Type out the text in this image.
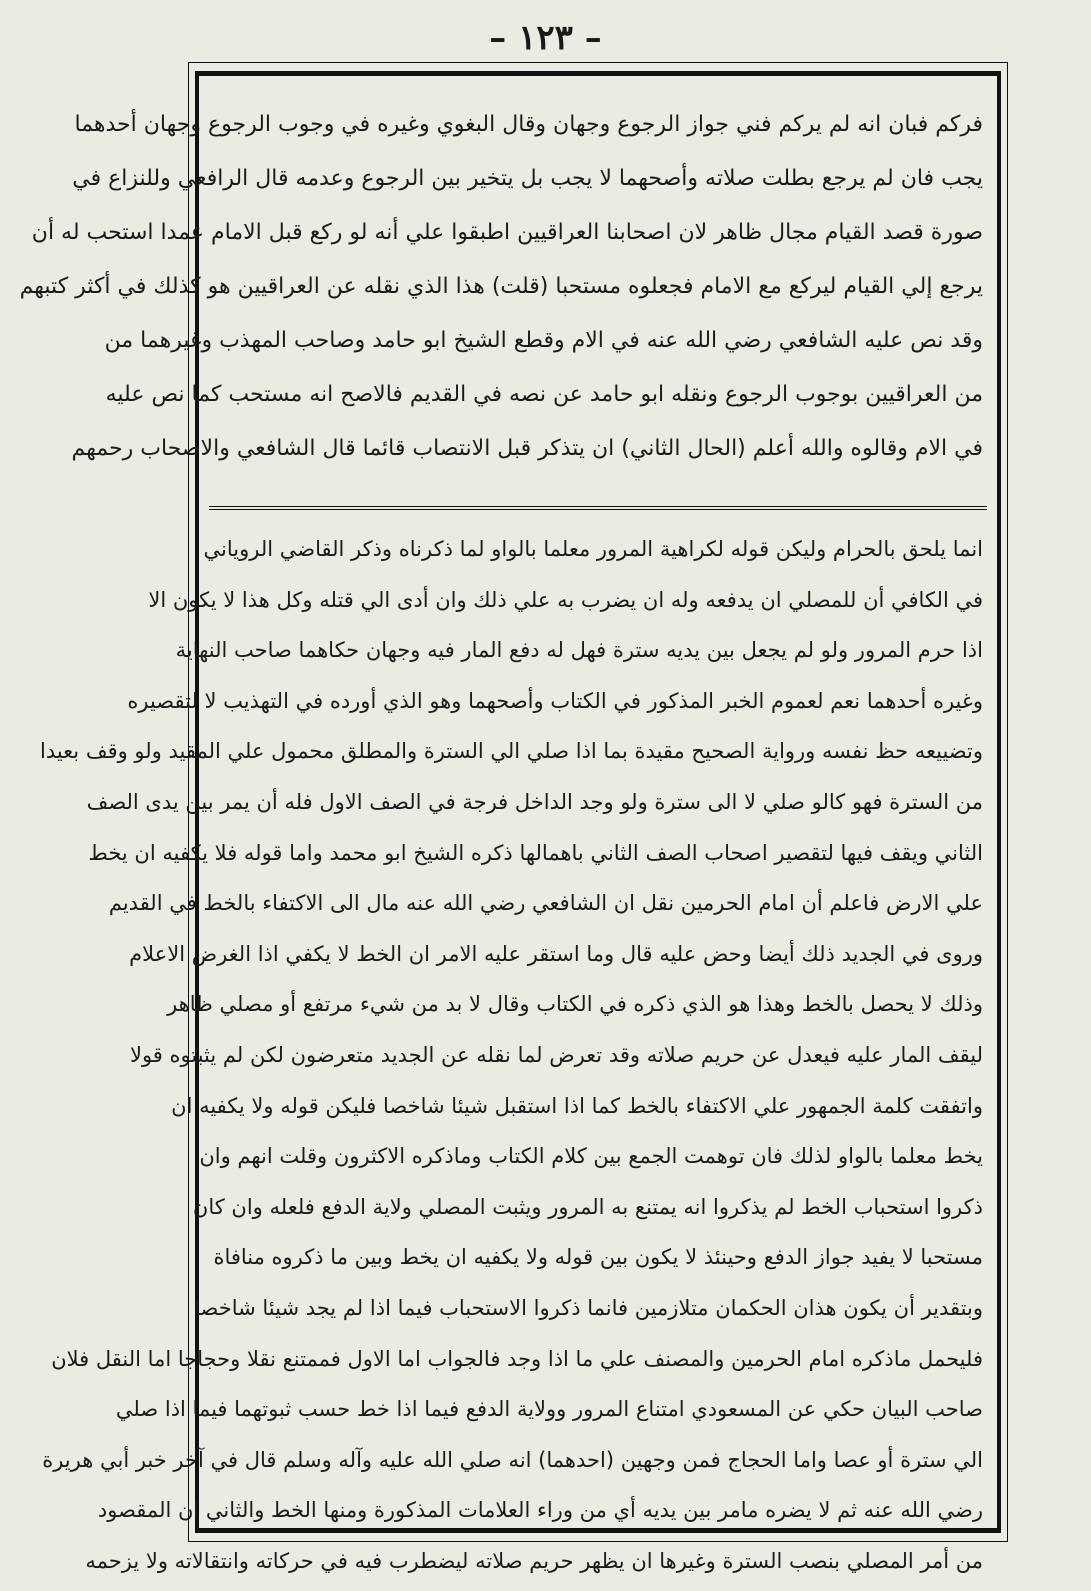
– ۱۲۳ –
فركم فبان انه لم يركم فني جواز الرجوع وجهان وقال البغوي وغيره في وجوب الرجوع وجهان أحدهما
يجب فان لم يرجع بطلت صلاته وأصحهما لا يجب بل يتخير بين الرجوع وعدمه قال الرافعي وللنزاع في
صورة قصد القيام مجال ظاهر لان اصحابنا العراقيين اطبقوا علي أنه لو ركع قبل الامام عمدا استحب له أن
يرجع إلي القيام ليركع مع الامام فجعلوه مستحبا (قلت) هذا الذي نقله عن العراقيين هو كذلك في أكثر كتبهم
وقد نص عليه الشافعي رضي الله عنه في الام وقطع الشيخ ابو حامد وصاحب المهذب وغيرهما من
من العراقيين بوجوب الرجوع ونقله ابو حامد عن نصه في القديم فالاصح انه مستحب كما نص عليه
في الام وقالوه والله أعلم (الحال الثاني) ان يتذكر قبل الانتصاب قائما قال الشافعي والاصحاب رحمهم
انما يلحق بالحرام وليكن قوله لكراهية المرور معلما بالواو لما ذكرناه وذكر القاضي الروياني
في الكافي أن للمصلي ان يدفعه وله ان يضرب به علي ذلك وان أدى الي قتله وكل هذا لا يكون الا
اذا حرم المرور ولو لم يجعل بين يديه سترة فهل له دفع المار فيه وجهان حكاهما صاحب النهاية
وغيره أحدهما نعم لعموم الخبر المذكور في الكتاب وأصحهما وهو الذي أورده في التهذيب لا لتقصيره
وتضييعه حظ نفسه ورواية الصحيح مقيدة بما اذا صلي الي السترة والمطلق محمول علي المقيد ولو وقف بعيدا
من السترة فهو كالو صلي لا الى سترة ولو وجد الداخل فرجة في الصف الاول فله أن يمر بين يدى الصف
الثاني ويقف فيها لتقصير اصحاب الصف الثاني باهمالها ذكره الشيخ ابو محمد واما قوله فلا يكفيه ان يخط
علي الارض فاعلم أن امام الحرمين نقل ان الشافعي رضي الله عنه مال الى الاكتفاء بالخط في القديم
وروى في الجديد ذلك أيضا وحض عليه قال وما استقر عليه الامر ان الخط لا يكفي اذا الغرض الاعلام
وذلك لا يحصل بالخط وهذا هو الذي ذكره في الكتاب وقال لا بد من شيء مرتفع أو مصلي ظاهر
ليقف المار عليه فيعدل عن حريم صلاته وقد تعرض لما نقله عن الجديد متعرضون لكن لم يثبتوه قولا
واتفقت كلمة الجمهور علي الاكتفاء بالخط كما اذا استقبل شيئا شاخصا فليكن قوله ولا يكفيه ان
يخط معلما بالواو لذلك فان توهمت الجمع بين كلام الكتاب وماذكره الاكثرون وقلت انهم وان
ذكروا استحباب الخط لم يذكروا انه يمتنع به المرور ويثبت المصلي ولاية الدفع فلعله وان كان
مستحبا لا يفيد جواز الدفع وحينئذ لا يكون بين قوله ولا يكفيه ان يخط وبين ما ذكروه منافاة
وبتقدير أن يكون هذان الحكمان متلازمين فانما ذكروا الاستحباب فيما اذا لم يجد شيئا شاخصا
فليحمل ماذكره امام الحرمين والمصنف علي ما اذا وجد فالجواب اما الاول فممتنع نقلا وحجاجا اما النقل فلان
صاحب البيان حكي عن المسعودي امتناع المرور وولاية الدفع فيما اذا خط حسب ثبوتهما فيما اذا صلي
الي سترة أو عصا واما الحجاج فمن وجهين (احدهما) انه صلي الله عليه وآله وسلم قال في آخر خبر أبي هريرة
رضي الله عنه ثم لا يضره مامر بين يديه أي من وراء العلامات المذكورة ومنها الخط والثاني ان المقصود
من أمر المصلي بنصب السترة وغيرها ان يظهر حريم صلاته ليضطرب فيه في حركاته وانتقالاته ولا يزحمه
